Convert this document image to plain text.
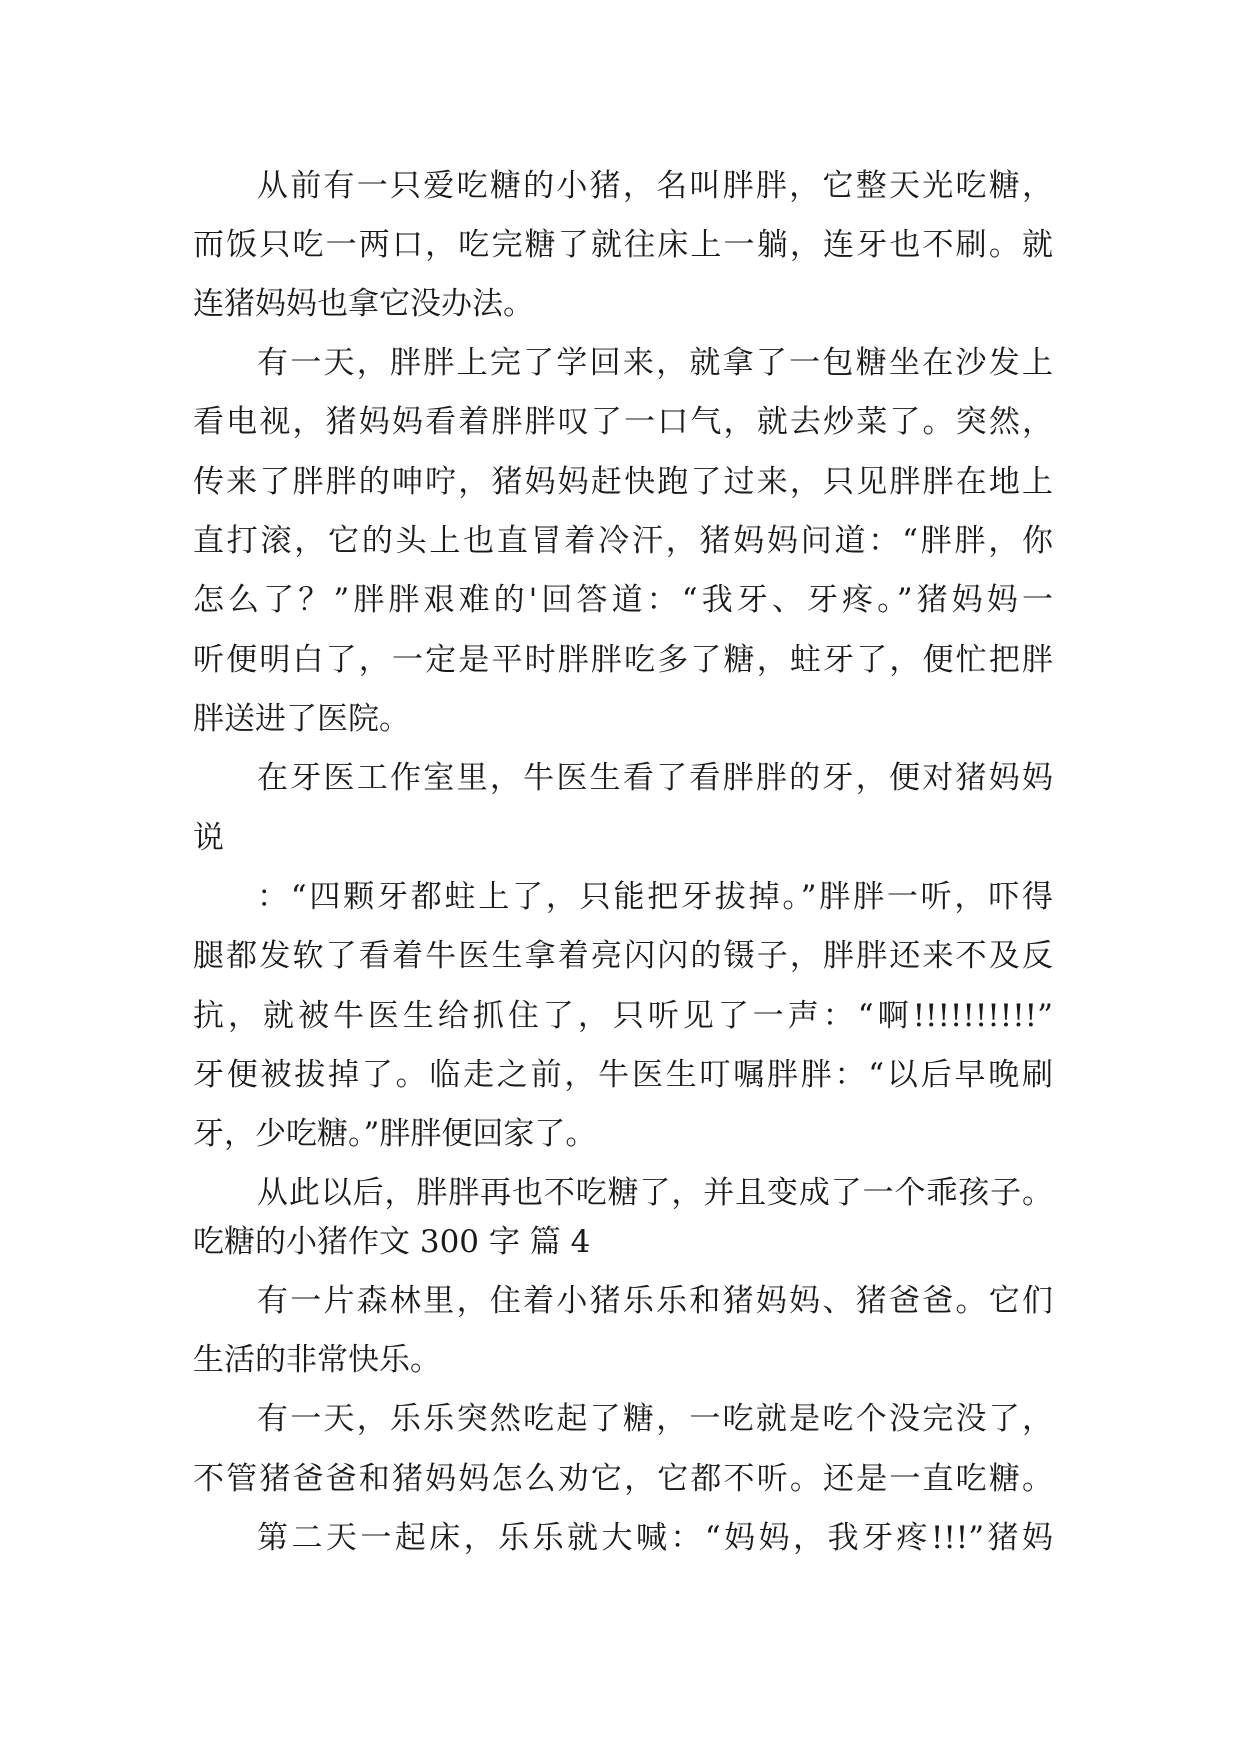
从前有一只爱吃糖的小猪，名叫胖胖，它整天光吃糖，
而饭只吃一两口，吃完糖了就往床上一躺，连牙也不刷。就
连猪妈妈也拿它没办法。
有一天，胖胖上完了学回来，就拿了一包糖坐在沙发上
看电视，猪妈妈看着胖胖叹了一口气，就去炒菜了。突然，
传来了胖胖的呻咛，猪妈妈赶快跑了过来，只见胖胖在地上
直打滚，它的头上也直冒着冷汗，猪妈妈问道：“胖胖，你
怎么了？”胖胖艰难的'回答道：“我牙、牙疼。”猪妈妈一
听便明白了，一定是平时胖胖吃多了糖，蛀牙了，便忙把胖
胖送进了医院。
在牙医工作室里，牛医生看了看胖胖的牙，便对猪妈妈
说
：“四颗牙都蛀上了，只能把牙拔掉。”胖胖一听，吓得
腿都发软了看着牛医生拿着亮闪闪的镊子，胖胖还来不及反
抗，就被牛医生给抓住了，只听见了一声：“啊!!!!!!!!!!”
牙便被拔掉了。临走之前，牛医生叮嘱胖胖：“以后早晚刷
牙，少吃糖。”胖胖便回家了。
从此以后，胖胖再也不吃糖了，并且变成了一个乖孩子。
吃糖的小猪作文 300 字 篇 4
有一片森林里，住着小猪乐乐和猪妈妈、猪爸爸。它们
生活的非常快乐。
有一天，乐乐突然吃起了糖，一吃就是吃个没完没了，
不管猪爸爸和猪妈妈怎么劝它，它都不听。还是一直吃糖。
第二天一起床，乐乐就大喊：“妈妈，我牙疼!!!”猪妈
